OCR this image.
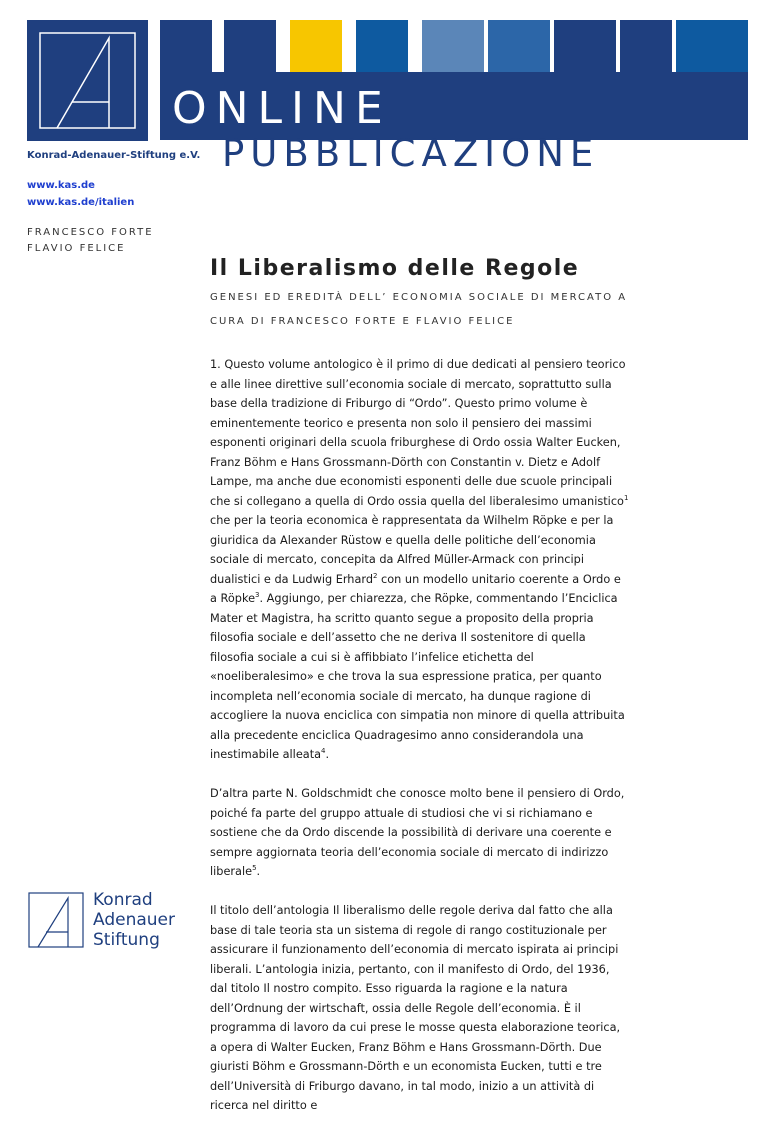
ONLINE
PUBBLICAZIONE
Konrad-Adenauer-Stiftung e.V.
www.kas.de
www.kas.de/italien
FRANCESCO FORTE
FLAVIO FELICE
Il Liberalismo delle Regole
GENESI ED EREDITÀ DELL’ ECONOMIA SOCIALE DI MERCATO A
CURA DI FRANCESCO FORTE E FLAVIO FELICE

1. Questo volume antologico è il primo di due dedicati al pensiero teorico e alle linee direttive sull’economia sociale di mercato, soprattutto sulla base della tradizione di Friburgo di “Ordo”. Questo primo volume è eminentemente teorico e presenta non solo il pensiero dei massimi esponenti originari della scuola friburghese di Ordo ossia Walter Eucken, Franz Böhm e Hans Grossmann-Dörth con Constantin v. Dietz e Adolf Lampe, ma anche due economisti esponenti delle due scuole principali che si collegano a quella di Ordo ossia quella del liberalesimo umanistico$^1$ che per la teoria economica è rappresentata da Wilhelm Röpke e per la giuridica da Alexander Rüstow e quella delle politiche dell’economia sociale di mercato, concepita da Alfred Müller-Armack con principi dualistici e da Ludwig Erhard$^2$ con un modello unitario coerente a Ordo e a Röpke$^3$. Aggiungo, per chiarezza, che Röpke, commentando l’Enciclica Mater et Magistra, ha scritto quanto segue a proposito della propria filosofia sociale e dell’assetto che ne deriva Il sostenitore di quella filosofia sociale a cui si è affibbiato l’infelice etichetta del «noeliberalesimo» e che trova la sua espressione pratica, per quanto incompleta nell’economia sociale di mercato, ha dunque ragione di accogliere la nuova enciclica con simpatia non minore di quella attribuita alla precedente enciclica Quadragesimo anno considerandola una inestimabile alleata$^4$.

D’altra parte N. Goldschmidt che conosce molto bene il pensiero di Ordo, poiché fa parte del gruppo attuale di studiosi che vi si richiamano e sostiene che da Ordo discende la possibilità di derivare una coerente e sempre aggiornata teoria dell’economia sociale di mercato di indirizzo liberale$^5$.

Il titolo dell’antologia Il liberalismo delle regole deriva dal fatto che alla base di tale teoria sta un sistema di regole di rango costituzionale per assicurare il funzionamento dell’economia di mercato ispirata ai principi liberali. L’antologia inizia, pertanto, con il manifesto di Ordo, del 1936, dal titolo Il nostro compito. Esso riguarda la ragione e la natura dell’Ordnung der wirtschaft, ossia delle Regole dell’economia. È il programma di lavoro da cui prese le mosse questa elaborazione teorica, a opera di Walter Eucken, Franz Böhm e Hans Grossmann-Dörth. Due giuristi Böhm e Grossmann-Dörth e un economista Eucken, tutti e tre dell’Università di Friburgo davano, in tal modo, inizio a un attività di ricerca nel diritto e

Konrad
Adenauer
Stiftung
